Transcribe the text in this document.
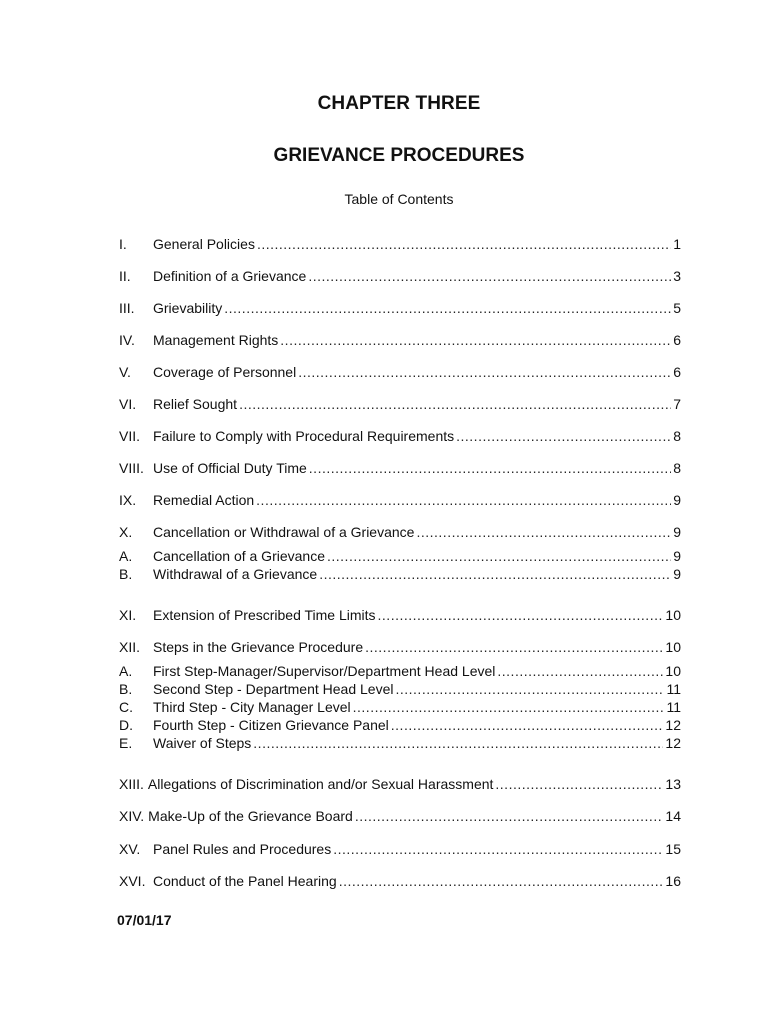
CHAPTER THREE
GRIEVANCE PROCEDURES
Table of Contents
I.	General Policies .....	1
II.	Definition of a Grievance .....	3
III.	Grievability .....	5
IV.	Management Rights .....	6
V.	Coverage of Personnel .....	6
VI.	Relief Sought .....	7
VII. Failure to Comply with Procedural Requirements .....	8
VIII. Use of Official Duty Time .....	8
IX.	Remedial Action .....	9
X.	Cancellation or Withdrawal of a Grievance .....	9
A.	Cancellation of a Grievance .....	9
B.	Withdrawal of a Grievance .....	9
XI.	Extension of Prescribed Time Limits .....	10
XII. Steps in the Grievance Procedure .....	10
A.	First Step-Manager/Supervisor/Department Head Level .....	10
B.	Second Step - Department Head Level .....	11
C.	Third Step - City Manager Level .....	11
D.	Fourth Step - Citizen Grievance Panel .....	12
E.	Waiver of Steps .....	12
XIII. Allegations of Discrimination and/or Sexual Harassment .....	13
XIV. Make-Up of the Grievance Board .....	14
XV. Panel Rules and Procedures .....	15
XVI. Conduct of the Panel Hearing .....	16
07/01/17
